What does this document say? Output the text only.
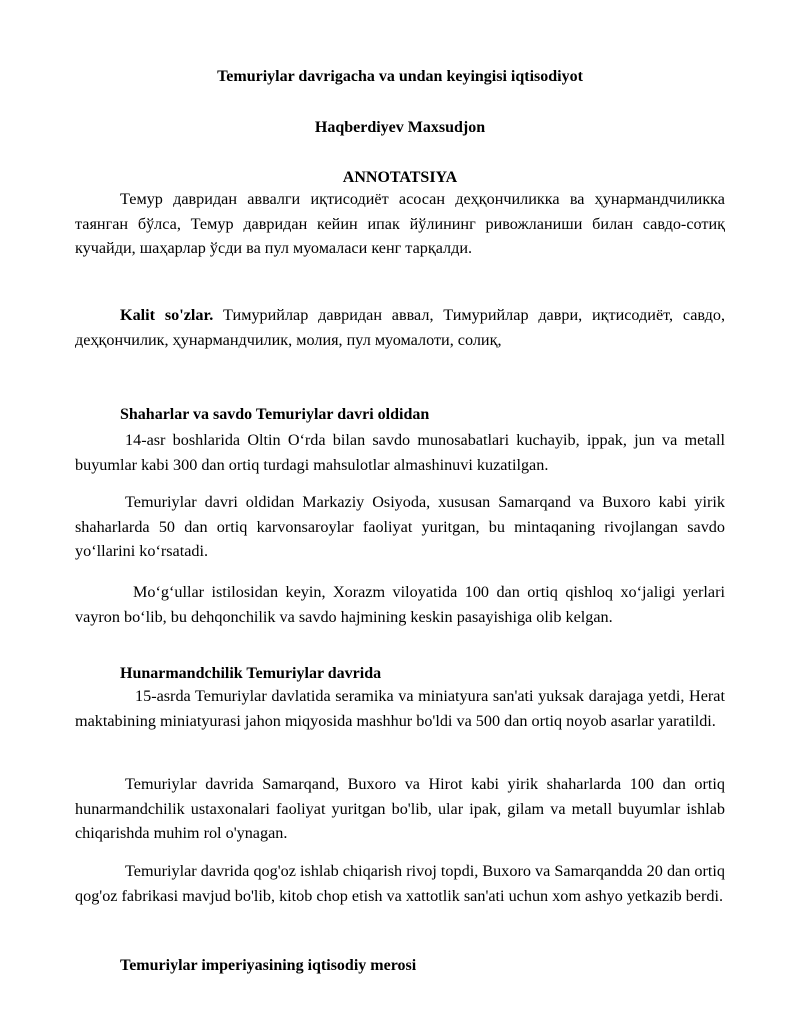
Temuriylar davrigacha va undan keyingisi iqtisodiyot
Haqberdiyev Maxsudjon
ANNOTATSIYA
Темур давридан аввалги иқтисодиёт асосан деҳқончиликка ва ҳунармандчиликка таянган бўлса, Темур давридан кейин ипак йўлининг ривожланиши билан савдо-сотиқ кучайди, шаҳарлар ўсди ва пул муомаласи кенг тарқалди.
Kalit so'zlar. Тимурийлар давридан аввал, Тимурийлар даври, иқтисодиёт, савдо, деҳқончилик, ҳунармандчилик, молия, пул муомалоти, солиқ,
Shaharlar va savdo Temuriylar davri oldidan
14-asr boshlarida Oltin O‘rda bilan savdo munosabatlari kuchayib, ippak, jun va metall buyumlar kabi 300 dan ortiq turdagi mahsulotlar almashinuvi kuzatilgan.
Temuriylar davri oldidan Markaziy Osiyoda, xususan Samarqand va Buxoro kabi yirik shaharlarda 50 dan ortiq karvonsaroylar faoliyat yuritgan, bu mintaqaning rivojlangan savdo yo‘llarini ko‘rsatadi.
Mo‘g‘ullar istilosidan keyin, Xorazm viloyatida 100 dan ortiq qishloq xo‘jaligi yerlari vayron bo‘lib, bu dehqonchilik va savdo hajmining keskin pasayishiga olib kelgan.
Hunarmandchilik Temuriylar davrida
15-asrda Temuriylar davlatida seramika va miniatyura san'ati yuksak darajaga yetdi, Herat maktabining miniatyurasi jahon miqyosida mashhur bo'ldi va 500 dan ortiq noyob asarlar yaratildi.
Temuriylar davrida Samarqand, Buxoro va Hirot kabi yirik shaharlarda 100 dan ortiq hunarmandchilik ustaxonalari faoliyat yuritgan bo'lib, ular ipak, gilam va metall buyumlar ishlab chiqarishda muhim rol o'ynagan.
Temuriylar davrida qog'oz ishlab chiqarish rivoj topdi, Buxoro va Samarqandda 20 dan ortiq qog'oz fabrikasi mavjud bo'lib, kitob chop etish va xattotlik san'ati uchun xom ashyo yetkazib berdi.
Temuriylar imperiyasining iqtisodiy merosi
